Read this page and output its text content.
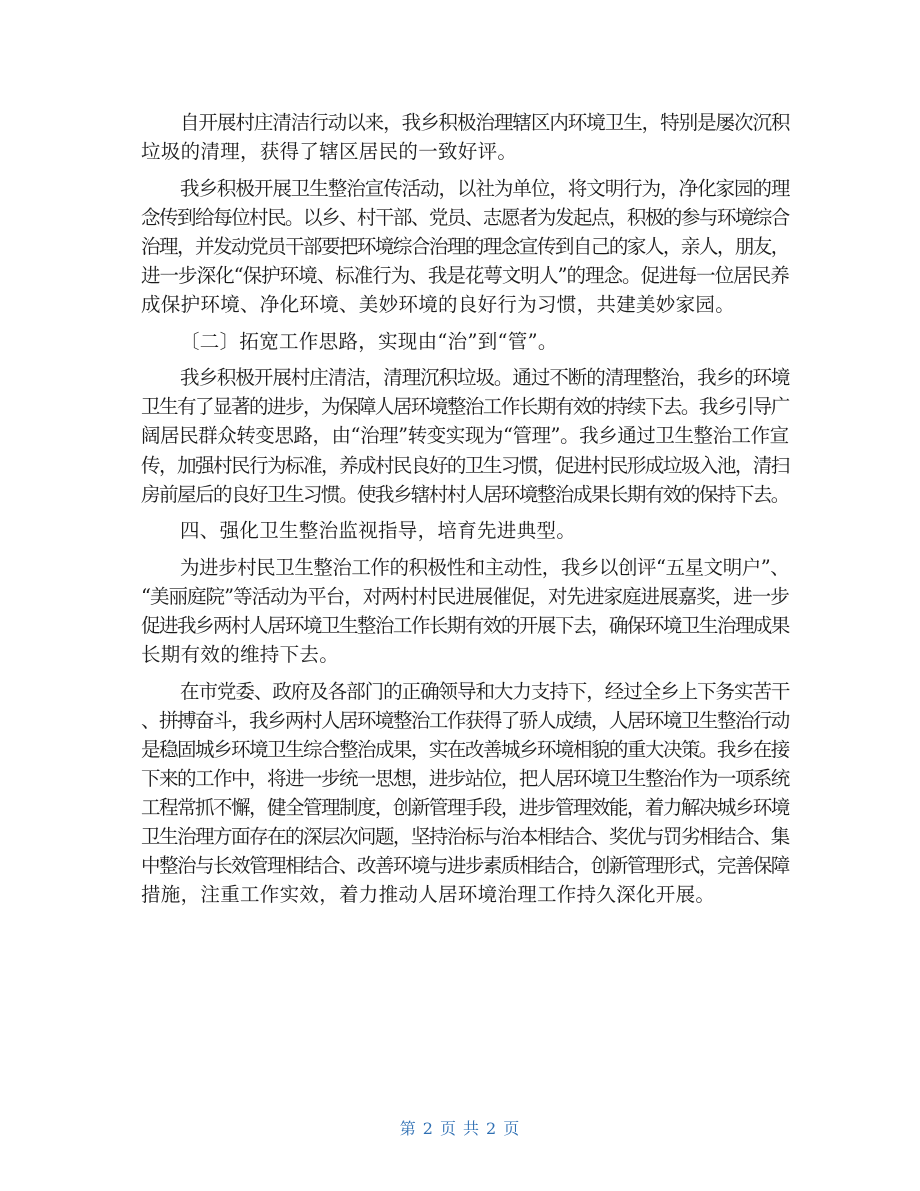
自开展村庄清洁行动以来，我乡积极治理辖区内环境卫生，特别是屡次沉积
垃圾的清理，获得了辖区居民的一致好评。
我乡积极开展卫生整治宣传活动，以社为单位，将文明行为，净化家园的理
念传到给每位村民。以乡、村干部、党员、志愿者为发起点，积极的参与环境综合
治理，并发动党员干部要把环境综合治理的理念宣传到自己的家人，亲人，朋友，
进一步深化“保护环境、标准行为、我是花萼文明人”的理念。促进每一位居民养
成保护环境、净化环境、美妙环境的良好行为习惯，共建美妙家园。
〔二〕拓宽工作思路，实现由“治”到“管”。
我乡积极开展村庄清洁，清理沉积垃圾。通过不断的清理整治，我乡的环境
卫生有了显著的进步，为保障人居环境整治工作长期有效的持续下去。我乡引导广
阔居民群众转变思路，由“治理”转变实现为“管理”。我乡通过卫生整治工作宣
传，加强村民行为标准，养成村民良好的卫生习惯，促进村民形成垃圾入池，清扫
房前屋后的良好卫生习惯。使我乡辖村村人居环境整治成果长期有效的保持下去。
四、强化卫生整治监视指导，培育先进典型。
为进步村民卫生整治工作的积极性和主动性，我乡以创评“五星文明户”、
“美丽庭院”等活动为平台，对两村村民进展催促，对先进家庭进展嘉奖，进一步
促进我乡两村人居环境卫生整治工作长期有效的开展下去，确保环境卫生治理成果
长期有效的维持下去。
在市党委、政府及各部门的正确领导和大力支持下，经过全乡上下务实苦干
、拼搏奋斗，我乡两村人居环境整治工作获得了骄人成绩，人居环境卫生整治行动
是稳固城乡环境卫生综合整治成果，实在改善城乡环境相貌的重大决策。我乡在接
下来的工作中，将进一步统一思想，进步站位，把人居环境卫生整治作为一项系统
工程常抓不懈，健全管理制度，创新管理手段，进步管理效能，着力解决城乡环境
卫生治理方面存在的深层次问题，坚持治标与治本相结合、奖优与罚劣相结合、集
中整治与长效管理相结合、改善环境与进步素质相结合，创新管理形式，完善保障
措施，注重工作实效，着力推动人居环境治理工作持久深化开展。
第 2 页 共 2 页
